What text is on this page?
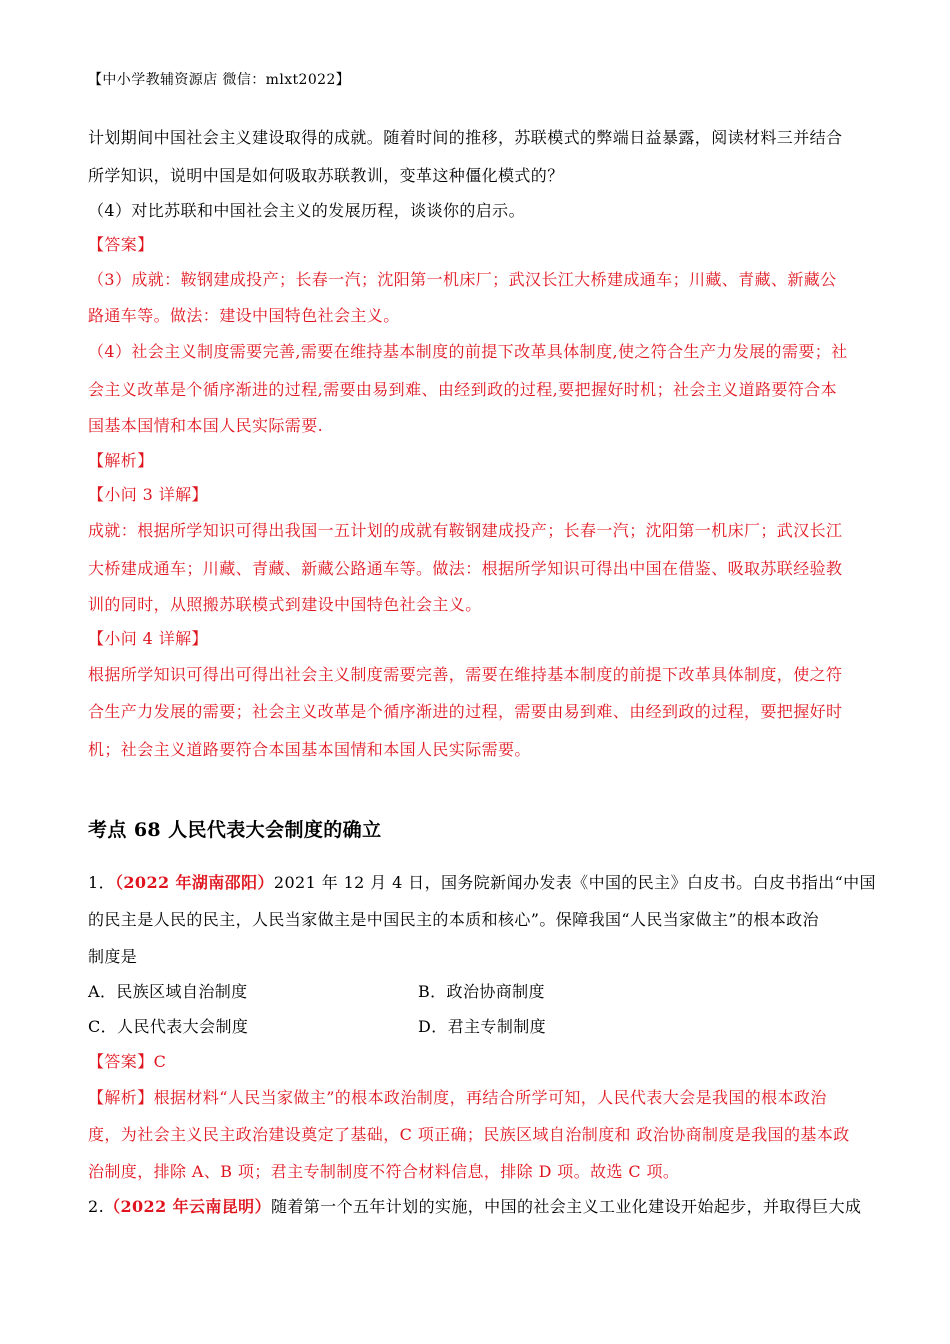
【中小学教辅资源店 微信：mlxt2022】
计划期间中国社会主义建设取得的成就。随着时间的推移，苏联模式的弊端日益暴露，阅读材料三并结合
所学知识，说明中国是如何吸取苏联教训，变革这种僵化模式的？
（4）对比苏联和中国社会主义的发展历程，谈谈你的启示。
【答案】
（3）成就：鞍钢建成投产；长春一汽；沈阳第一机床厂；武汉长江大桥建成通车；川藏、青藏、新藏公
路通车等。做法：建设中国特色社会主义。
（4）社会主义制度需要完善,需要在维持基本制度的前提下改革具体制度,使之符合生产力发展的需要；社
会主义改革是个循序渐进的过程,需要由易到难、由经到政的过程,要把握好时机；社会主义道路要符合本
国基本国情和本国人民实际需要.
【解析】
【小问 3 详解】
成就：根据所学知识可得出我国一五计划的成就有鞍钢建成投产；长春一汽；沈阳第一机床厂；武汉长江
大桥建成通车；川藏、青藏、新藏公路通车等。做法：根据所学知识可得出中国在借鉴、吸取苏联经验教
训的同时，从照搬苏联模式到建设中国特色社会主义。
【小问 4 详解】
根据所学知识可得出可得出社会主义制度需要完善，需要在维持基本制度的前提下改革具体制度，使之符
合生产力发展的需要；社会主义改革是个循序渐进的过程，需要由易到难、由经到政的过程，要把握好时
机；社会主义道路要符合本国基本国情和本国人民实际需要。
考点 68 人民代表大会制度的确立
1．（2022 年湖南邵阳）2021 年 12 月 4 日，国务院新闻办发表《中国的民主》白皮书。白皮书指出“中国
的民主是人民的民主，人民当家做主是中国民主的本质和核心”。保障我国“人民当家做主”的根本政治
制度是
A．民族区域自治制度	B．政治协商制度
C．人民代表大会制度	D．君主专制制度
【答案】C
【解析】根据材料“人民当家做主”的根本政治制度，再结合所学可知，人民代表大会是我国的根本政治
度，为社会主义民主政治建设奠定了基础，C 项正确；民族区域自治制度和 政治协商制度是我国的基本政
治制度，排除 A、B 项；君主专制制度不符合材料信息，排除 D 项。故选 C 项。
2.（2022 年云南昆明）随着第一个五年计划的实施，中国的社会主义工业化建设开始起步，并取得巨大成
